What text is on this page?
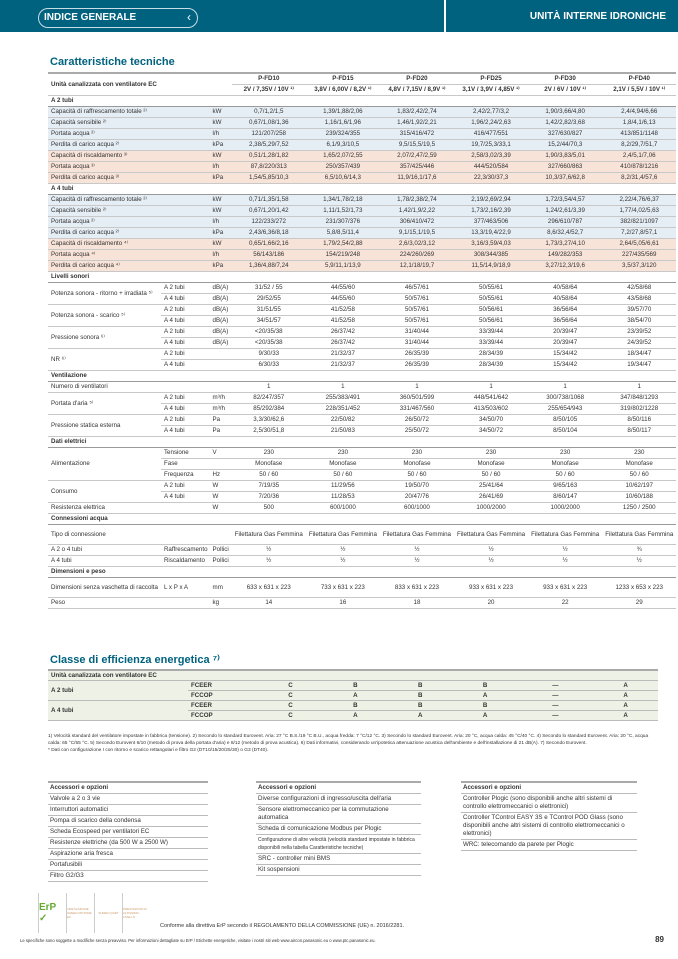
INDICE GENERALE	‹	UNITÀ INTERNE IDRONICHE
Caratteristiche tecniche
Unità canalizzata con ventilatore EC			P-FD10	P-FD15	P-FD20	P-FD25	P-FD30	P-FD40
			2V / 7,35V / 10V ¹⁾	3,8V / 6,00V / 8,2V ¹⁾	4,8V / 7,15V / 8,9V ¹⁾	3,1V / 3,9V / 4,85V ¹⁾	2V / 6V / 10V ¹⁾	2,1V / 5,5V / 10V ¹⁾
A 2 tubi								
Capacità di raffrescamento totale ²⁾		kW	0,7/1,2/1,5	1,39/1,88/2,06	1,83/2,42/2,74	2,42/2,77/3,2	1,90/3,66/4,80	2,4/4,94/6,66
Capacità sensibile ²⁾		kW	0,67/1,08/1,36	1,16/1,6/1,96	1,46/1,92/2,21	1,96/2,24/2,63	1,42/2,82/3,68	1,8/4,1/6,13
Portata acqua ²⁾		l/h	121/207/258	239/324/355	315/416/472	416/477/551	327/630/827	413/851/1148
Perdita di carico acqua ²⁾		kPa	2,38/5,29/7,52	6,1/9,3/10,5	9,5/15,5/19,5	19,7/25,3/33,1	15,2/44/70,3	8,2/29,7/51,7
Capacità di riscaldamento ³⁾		kW	0,51/1,28/1,82	1,65/2,07/2,55	2,07/2,47/2,59	2,58/3,02/3,39	1,90/3,83/5,01	2,4/5,1/7,06
Portata acqua ³⁾		l/h	87,8/220/313	250/357/439	357/425/446	444/520/584	327/660/863	410/878/1216
Perdita di carico acqua ³⁾		kPa	1,54/5,85/10,3	6,5/10,6/14,3	11,9/16,1/17,6	22,3/30/37,3	10,3/37,6/62,8	8,2/31,4/57,6
A 4 tubi								
Capacità di raffrescamento totale ²⁾		kW	0,71/1,35/1,58	1,34/1,78/2,18	1,78/2,38/2,74	2,19/2,69/2,94	1,72/3,54/4,57	2,22/4,76/6,37
Capacità sensibile ²⁾		kW	0,67/1,20/1,42	1,11/1,52/1,73	1,42/1,9/2,22	1,73/2,16/2,39	1,24/2,61/3,39	1,77/4,02/5,63
Portata acqua ²⁾		l/h	122/233/272	231/307/376	306/410/472	377/463/506	296/610/787	382/821/1097
Perdita di carico acqua ²⁾		kPa	2,43/6,36/8,18	5,8/8,5/11,4	9,1/15,1/19,5	13,3/19,4/22,9	8,6/32,4/52,7	7,2/27,8/57,1
Capacità di riscaldamento ⁴⁾		kW	0,65/1,66/2,16	1,79/2,54/2,88	2,6/3,02/3,12	3,16/3,59/4,03	1,73/3,27/4,10	2,64/5,05/6,61
Portata acqua ⁴⁾		l/h	56/143/186	154/219/248	224/260/269	308/344/385	149/282/353	227/435/569
Perdita di carico acqua ⁴⁾		kPa	1,36/4,88/7,24	5,9/11,1/13,9	12,1/18/19,7	11,5/14,9/18,9	3,27/12,3/19,6	3,5/37,3/120
Livelli sonori								
Potenza sonora - ritorno + irradiata ⁵⁾	A 2 tubi	dB(A)	31/52 / 55	44/55/60	46/57/61	50/55/61	40/58/64	42/58/68
	A 4 tubi	dB(A)	29/52/55	44/55/60	50/57/61	50/55/61	40/58/64	43/58/68
Potenza sonora - scarico ⁵⁾	A 2 tubi	dB(A)	31/51/55	41/52/58	50/57/61	50/56/61	36/56/64	39/57/70
	A 4 tubi	dB(A)	34/51/57	41/52/58	50/57/61	50/56/61	36/56/64	38/54/70
Pressione sonora ⁶⁾	A 2 tubi	dB(A)	<20/35/38	26/37/42	31/40/44	33/39/44	20/39/47	23/39/52
	A 4 tubi	dB(A)	<20/35/38	26/37/42	31/40/44	33/39/44	20/39/47	24/39/52
NR ⁶⁾	A 2 tubi		9/30/33	21/32/37	26/35/39	28/34/39	15/34/42	18/34/47
	A 4 tubi		6/30/33	21/32/37	26/35/39	28/34/39	15/34/42	19/34/47
Ventilazione								
Numero di ventilatori			1	1	1	1	1	1
Portata d'aria ⁵⁾	A 2 tubi	m³/h	82/247/357	255/383/491	360/501/599	448/541/642	300/738/1068	347/848/1293
	A 4 tubi	m³/h	85/292/384	228/351/452	331/467/560	413/503/602	255/654/943	319/802/1228
Pressione statica esterna	A 2 tubi	Pa	3,3/30/62,6	22/50/82	26/50/72	34/50/70	8/50/105	8/50/116
	A 4 tubi	Pa	2,5/30/51,8	21/50/83	25/50/72	34/50/72	8/50/104	8/50/117
Dati elettrici								
Alimentazione	Tensione	V	230	230	230	230	230	230
	Fase		Monofase	Monofase	Monofase	Monofase	Monofase	Monofase
	Frequenza	Hz	50 / 60	50 / 60	50 / 60	50 / 60	50 / 60	50 / 60
Consumo	A 2 tubi	W	7/19/35	11/29/56	19/50/70	25/41/64	9/65/163	10/62/197
	A 4 tubi	W	7/20/36	11/28/53	20/47/76	26/41/69	8/60/147	10/60/188
Resistenza elettrica		W	500	600/1000	600/1000	1000/2000	1000/2000	1250 / 2500
Connessioni acqua								
Tipo di connessione			Filettatura Gas Femmina	Filettatura Gas Femmina	Filettatura Gas Femmina	Filettatura Gas Femmina	Filettatura Gas Femmina	Filettatura Gas Femmina
A 2 o 4 tubi	Raffrescamento	Pollici	½	½	½	½	½	¾
A 4 tubi	Riscaldamento	Pollici	½	½	½	½	½	½
Dimensioni e peso								
Dimensioni senza vaschetta di raccolta	L x P x A	mm	633 x 631 x 223	733 x 631 x 223	833 x 631 x 223	933 x 631 x 223	933 x 631 x 223	1233 x 653 x 223
Peso		kg	14	16	18	20	22	29
Classe di efficienza energetica ⁷⁾
Unità canalizzata con ventilatore EC							
A 2 tubi	FCEER	C	B	B	B	—	A
	FCCOP	C	A	B	A	—	A
A 4 tubi	FCEER	C	B	B	B	—	A
	FCCOP	C	A	A	A	—	A
1) Velocità standard del ventilatore impostate in fabbrica (tensione). 2) Secondo lo standard Eurovent. Aria: 27 °C B.S./19 °C B.U., acqua fredda: 7 °C/12 °C. 3) Secondo lo standard Eurovent. Aria: 20 °C, acqua calda: 45 °C/40 °C. 4) Secondo lo standard Eurovent. Aria: 20 °C, acqua calda: 65 °C/55 °C. 5) Secondo Eurovent 6/10 (metodo di prova della portata d'aria) e 8/12 (metodo di prova acustica). 6) Dati informativi, considerando un'ipotetica attenuazione acustica dell'ambiente e dell'installazione di 21 dB(A). 7) Secondo Eurovent.
* Dati con configurazione I con ritorno e scarico rettangolari e filtro G2 (DT10/15/20/25/30) o G3 (DT40).
Accessori e opzioni
Valvole a 2 o 3 vie
Interruttori automatici
Pompa di scarico della condensa
Scheda Ecospeed per ventilatori EC
Resistenze elettriche (da 500 W a 2500 W)
Aspirazione aria fresca
Portafusibili
Filtro G2/G3
Accessori e opzioni
Diverse configurazioni di ingresso/uscita dell'aria
Sensore elettromeccanico per la commutazione automatica
Scheda di comunicazione Modbus per Plogic
Configurazione di altre velocità (velocità standard impostate in fabbrica disponibili nella tabella Caratteristiche tecniche)
SRC - controller mini BMS
Kit sospensioni
Accessori e opzioni
Controller Plogic (sono disponibili anche altri sistemi di controllo elettromeccanici o elettronici)
Controller TControl EASY 3S e TControl POD Glass (sono disponibili anche altri sistemi di controllo elettromeccanici o elettronici)
WRC: telecomando da parete per Plogic
ErP ✓
VENTILAZIONE GREEN MOTORE EC
SUPER QUIET
PRESTAZIONI DI ALTISSIMO LIVELLO
Conforme alla direttiva ErP secondo il REGOLAMENTO DELLA COMMISSIONE (UE) n. 2016/2281.
Le specifiche sono soggette a modifiche senza preavviso. Per informazioni dettagliate su ErP / Etichette energetiche, visitate i nostri siti web www.aircon.panasonic.eu o www.ptc.panasonic.eu.	89
